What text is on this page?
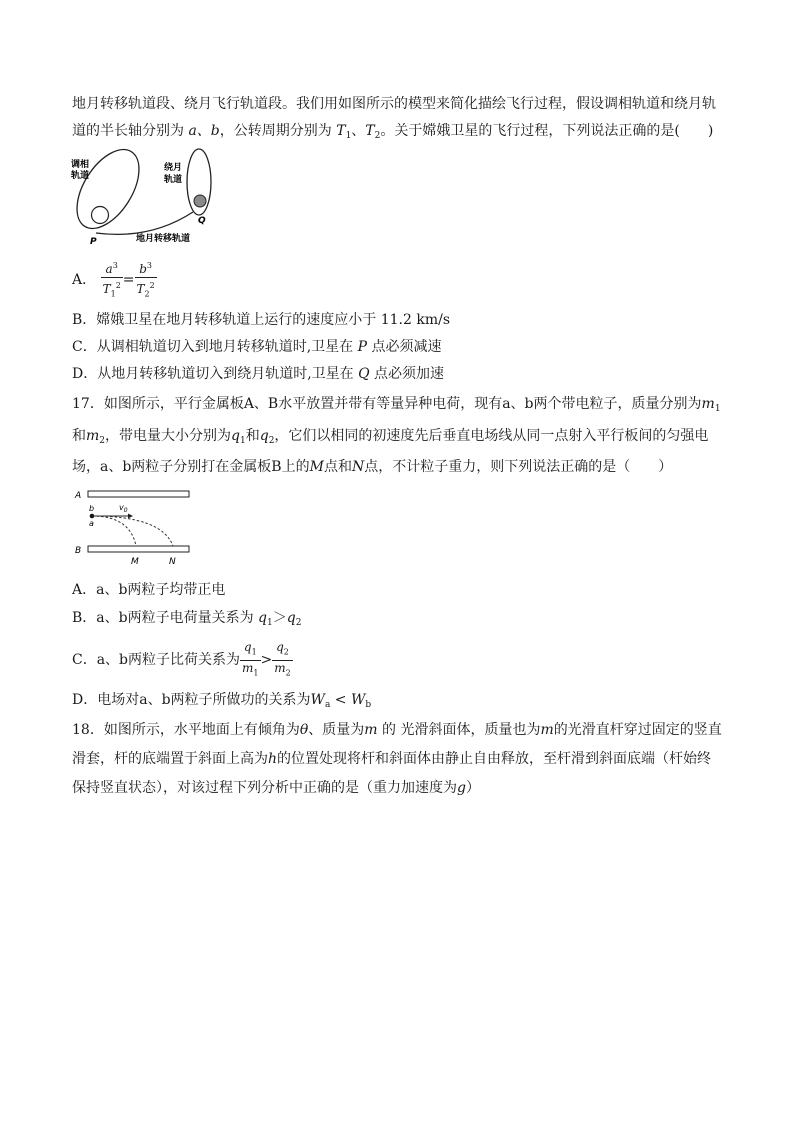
地月转移轨道段、绕月飞行轨道段。我们用如图所示的模型来简化描绘飞行过程，假设调相轨道和绕月轨
道的半长轴分别为 a、b，公转周期分别为 $T_1$、$T_2$。关于嫦娥卫星的飞行过程，下列说法正确的是(　　)
调相
轨道
绕月
轨道
P
Q
地月转移轨道
A． $\frac{a^3}{T_1^2} = \frac{b^3}{T_2^2}$
B．嫦娥卫星在地月转移轨道上运行的速度应小于 11.2 km/s
C．从调相轨道切入到地月转移轨道时,卫星在 P 点必须减速
D．从地月转移轨道切入到绕月轨道时,卫星在 Q 点必须加速
17．如图所示，平行金属板A、B水平放置并带有等量异种电荷，现有a、b两个带电粒子，质量分别为$m_1$
和$m_2$，带电量大小分别为$q_1$和$q_2$，它们以相同的初速度先后垂直电场线从同一点射入平行板间的匀强电
场，a、b两粒子分别打在金属板B上的M点和N点，不计粒子重力，则下列说法正确的是（　　）
A
B
b
a
$v_0$
M	N
A．a、b两粒子均带正电
B．a、b两粒子电荷量关系为 $q_1>q_2$
C．a、b两粒子比荷关系为 $\frac{q_1}{m_1} > \frac{q_2}{m_2}$
D．电场对a、b两粒子所做功的关系为$W_a < W_b$
18．如图所示，水平地面上有倾角为θ、质量为m 的 光滑斜面体，质量也为m的光滑直杆穿过固定的竖直
滑套，杆的底端置于斜面上高为h的位置处现将杆和斜面体由静止自由释放，至杆滑到斜面底端（杆始终
保持竖直状态），对该过程下列分析中正确的是（重力加速度为g）
